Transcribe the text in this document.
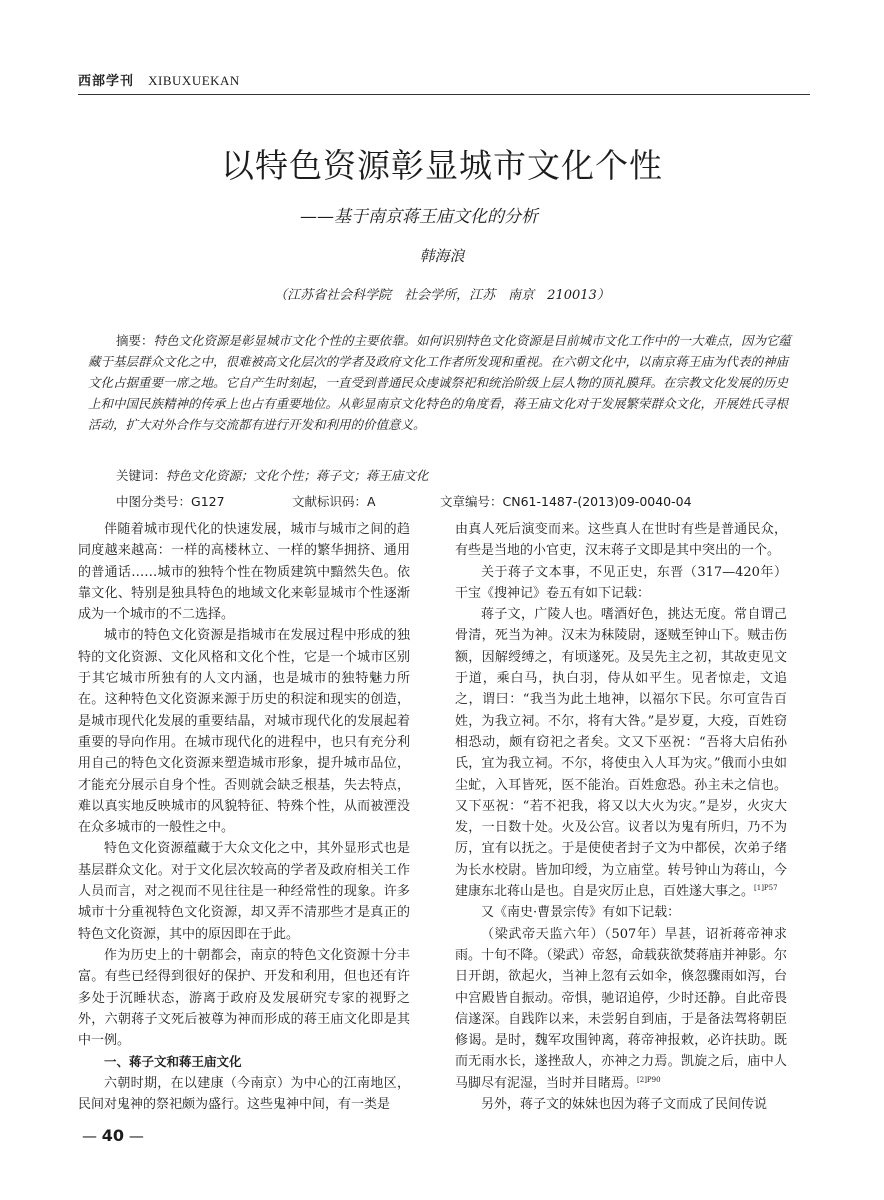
西部学刊 XIBUXUEKAN
以特色资源彰显城市文化个性
——基于南京蒋王庙文化的分析
韩海浪
（江苏省社会科学院　社会学所，江苏　南京　210013）
摘要：特色文化资源是彰显城市文化个性的主要依靠。如何识别特色文化资源是目前城市文化工作中的一大难点，因为它蕴藏于基层群众文化之中，很难被高文化层次的学者及政府文化工作者所发现和重视。在六朝文化中，以南京蒋王庙为代表的神庙文化占据重要一席之地。它自产生时刻起，一直受到普通民众虔诚祭祀和统治阶级上层人物的顶礼膜拜。在宗教文化发展的历史上和中国民族精神的传承上也占有重要地位。从彰显南京文化特色的角度看，蒋王庙文化对于发展繁荣群众文化，开展姓氏寻根活动，扩大对外合作与交流都有进行开发和利用的价值意义。
关键词：特色文化资源；文化个性；蒋子文；蒋王庙文化
中图分类号：G127	文献标识码：A	文章编号：CN61-1487-(2013)09-0040-04

伴随着城市现代化的快速发展，城市与城市之间的趋同度越来越高：一样的高楼林立、一样的繁华拥挤、通用的普通话……城市的独特个性在物质建筑中黯然失色。依靠文化、特别是独具特色的地域文化来彰显城市个性逐渐成为一个城市的不二选择。

城市的特色文化资源是指城市在发展过程中形成的独特的文化资源、文化风格和文化个性，它是一个城市区别于其它城市所独有的人文内涵，也是城市的独特魅力所在。这种特色文化资源来源于历史的积淀和现实的创造，是城市现代化发展的重要结晶，对城市现代化的发展起着重要的导向作用。在城市现代化的进程中，也只有充分利用自己的特色文化资源来塑造城市形象，提升城市品位，才能充分展示自身个性。否则就会缺乏根基，失去特点，难以真实地反映城市的风貌特征、特殊个性，从而被湮没在众多城市的一般性之中。

特色文化资源蕴藏于大众文化之中，其外显形式也是基层群众文化。对于文化层次较高的学者及政府相关工作人员而言，对之视而不见往往是一种经常性的现象。许多城市十分重视特色文化资源，却又弄不清那些才是真正的特色文化资源，其中的原因即在于此。

作为历史上的十朝都会，南京的特色文化资源十分丰富。有些已经得到很好的保护、开发和利用，但也还有许多处于沉睡状态，游离于政府及发展研究专家的视野之外，六朝蒋子文死后被尊为神而形成的蒋王庙文化即是其中一例。

一、蒋子文和蒋王庙文化

六朝时期，在以建康（今南京）为中心的江南地区，民间对鬼神的祭祀颇为盛行。这些鬼神中间，有一类是

由真人死后演变而来。这些真人在世时有些是普通民众，有些是当地的小官吏，汉末蒋子文即是其中突出的一个。

关于蒋子文本事，不见正史，东晋（317—420年）干宝《搜神记》卷五有如下记载：

蒋子文，广陵人也。嗜酒好色，挑达无度。常自谓己骨清，死当为神。汉末为秣陵尉，逐贼至钟山下。贼击伤额，因解绶缚之，有顷遂死。及吴先主之初，其故吏见文于道，乘白马，执白羽，侍从如平生。见者惊走，文追之，谓曰：“我当为此土地神，以福尔下民。尔可宣告百姓，为我立祠。不尔，将有大咎。”是岁夏，大疫，百姓窃相恐动，颇有窃祀之者矣。文又下巫祝：“吾将大启佑孙氏，宜为我立祠。不尔，将使虫入人耳为灾。”俄而小虫如尘虻，入耳皆死，医不能治。百姓愈恐。孙主未之信也。又下巫祝：“若不祀我，将又以大火为灾。”是岁，火灾大发，一日数十处。火及公宫。议者以为鬼有所归，乃不为厉，宜有以抚之。于是使使者封子文为中都侯，次弟子绪为长水校尉。皆加印绶，为立庙堂。转号钟山为蒋山，今建康东北蒋山是也。自是灾厉止息，百姓遂大事之。$^{[1]P57}$

又《南史·曹景宗传》有如下记载：

（梁武帝天监六年）（507年）旱甚，诏祈蒋帝神求雨。十旬不降。（梁武）帝怒，命载荻欲焚蒋庙并神影。尔日开朗，欲起火，当神上忽有云如伞，倏忽骤雨如泻，台中宫殿皆自振动。帝惧，驰诏追停，少时还静。自此帝畏信遂深。自践阼以来，未尝躬自到庙，于是备法驾将朝臣修谒。是时，魏军攻围钟离，蒋帝神报敕，必许扶助。既而无雨水长，遂挫敌人，亦神之力焉。凯旋之后，庙中人马脚尽有泥湿，当时并目睹焉。$^{[2]P90}$

另外，蒋子文的妹妹也因为蒋子文而成了民间传说

— 40 —
